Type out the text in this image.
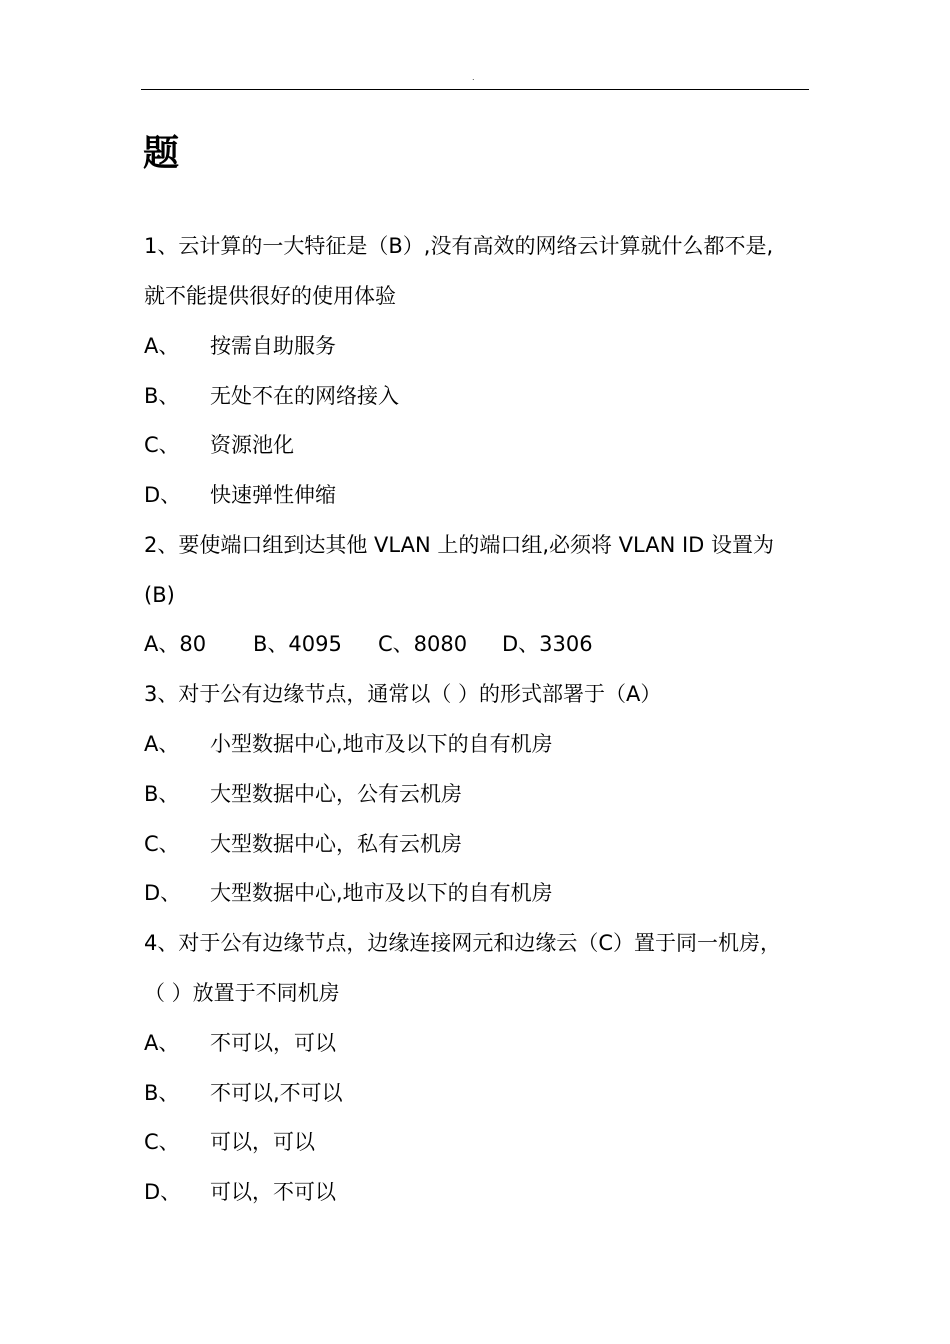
.
题
1、云计算的一大特征是（B）,没有高效的网络云计算就什么都不是,
就不能提供很好的使用体验
A、 按需自助服务
B、 无处不在的网络接入
C、 资源池化
D、 快速弹性伸缩
2、要使端口组到达其他 VLAN 上的端口组,必须将 VLAN ID 设置为
(B)
A、80 B、4095 C、8080 D、3306
3、对于公有边缘节点，通常以（ ）的形式部署于（A）
A、 小型数据中心,地市及以下的自有机房
B、 大型数据中心，公有云机房
C、 大型数据中心，私有云机房
D、 大型数据中心,地市及以下的自有机房
4、对于公有边缘节点，边缘连接网元和边缘云（C）置于同一机房，
（ ）放置于不同机房
A、 不可以，可以
B、 不可以,不可以
C、 可以，可以
D、 可以，不可以
